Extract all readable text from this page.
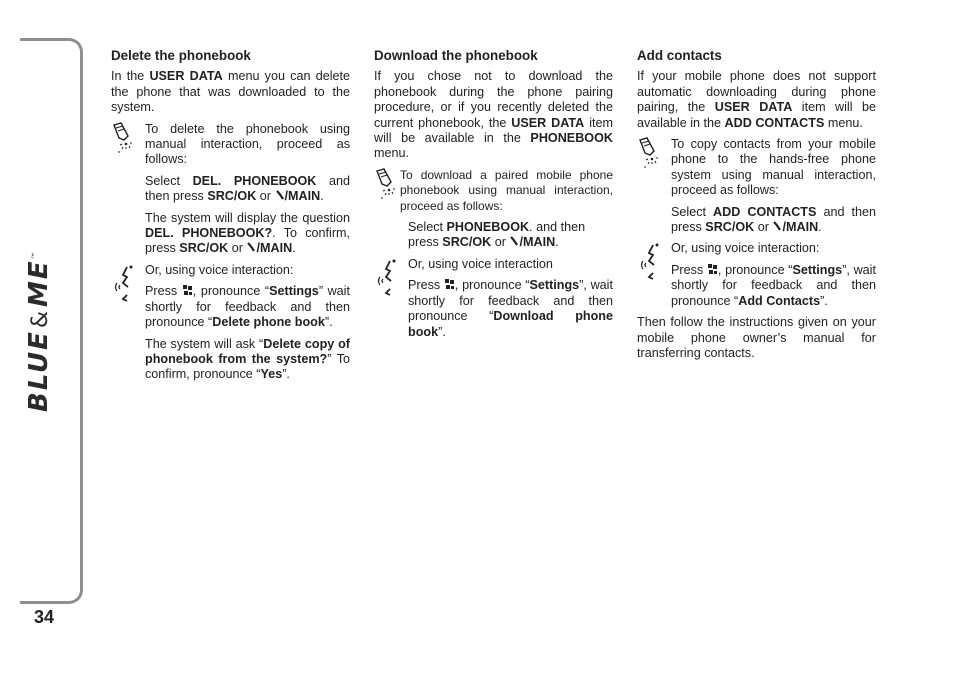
BLUE&ME™
34
Delete the phonebook
In the USER DATA menu you can delete the phone that was downloaded to the system.
To delete the phonebook using manual interaction, proceed as follows:
Select DEL. PHONEBOOK and then press SRC/OK or /MAIN.
The system will display the question DEL. PHONEBOOK?. To confirm, press SRC/OK or /MAIN.
Or, using voice interaction:
Press , pronounce “Settings” wait shortly for feedback and then pronounce “Delete phone book”.
The system will ask “Delete copy of phonebook from the system?” To confirm, pronounce “Yes”.
Download the phonebook
If you chose not to download the phonebook during the phone pairing procedure, or if you recently deleted the current phonebook, the USER DATA item will be available in the PHONEBOOK menu.
To download a paired mobile phone phonebook using manual interaction, proceed as follows:
Select PHONEBOOK. and then press SRC/OK or /MAIN.
Or, using voice interaction
Press , pronounce “Settings”, wait shortly for feedback and then pronounce “Download phone book”.
Add contacts
If your mobile phone does not support automatic downloading during phone pairing, the USER DATA item will be available in the ADD CONTACTS menu.
To copy contacts from your mobile phone to the hands-free phone system using manual interaction, proceed as follows:
Select ADD CONTACTS and then press SRC/OK or /MAIN.
Or, using voice interaction:
Press , pronounce “Settings”, wait shortly for feedback and then pronounce “Add Contacts”.
Then follow the instructions given on your mobile phone owner’s manual for transferring contacts.
